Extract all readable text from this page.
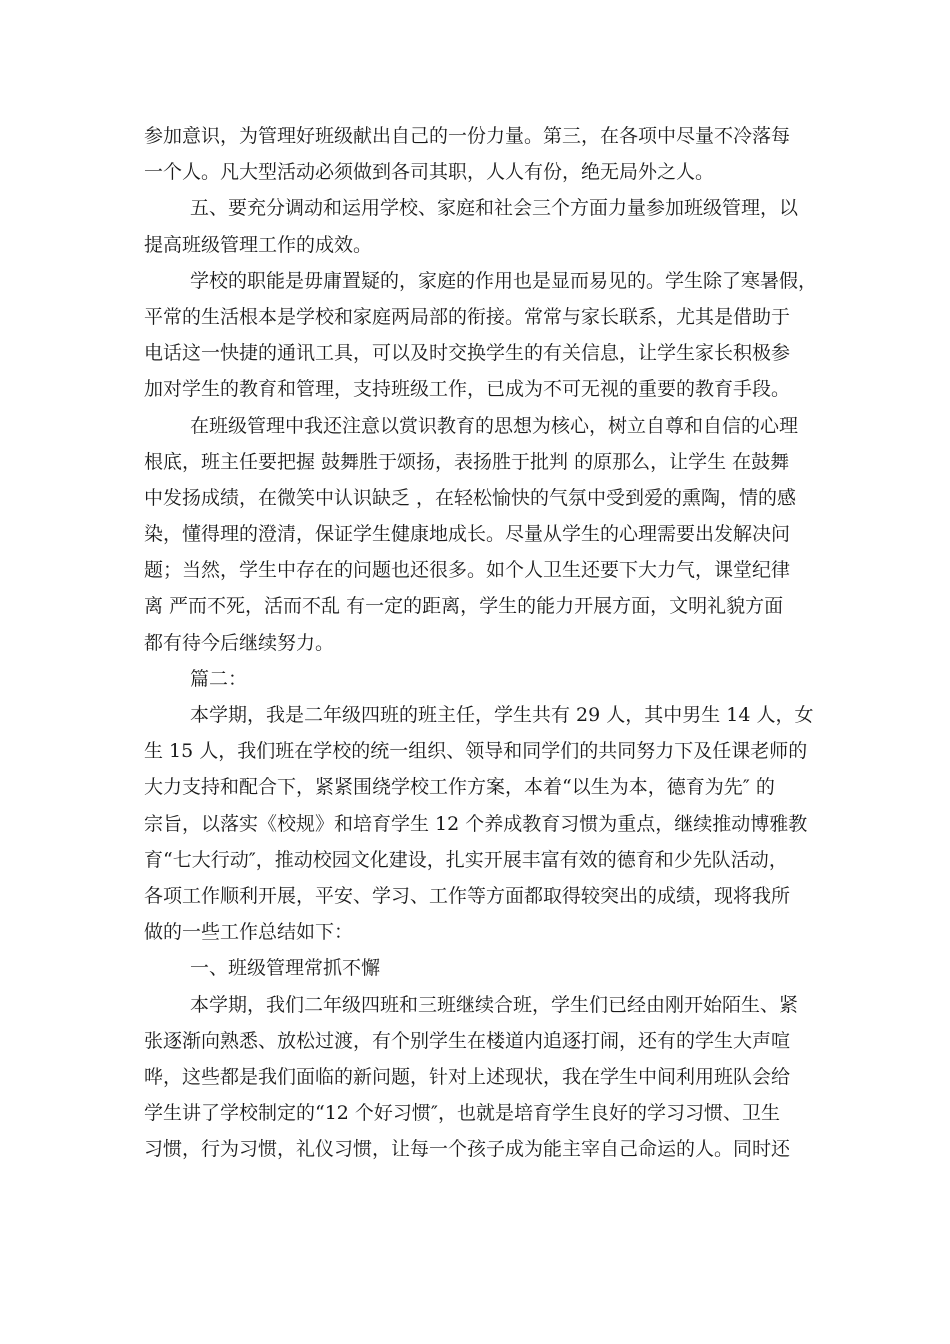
参加意识，为管理好班级献出自己的一份力量。第三，在各项中尽量不冷落每
一个人。凡大型活动必须做到各司其职，人人有份，绝无局外之人。
五、要充分调动和运用学校、家庭和社会三个方面力量参加班级管理，以
提高班级管理工作的成效。
学校的职能是毋庸置疑的，家庭的作用也是显而易见的。学生除了寒暑假，
平常的生活根本是学校和家庭两局部的衔接。常常与家长联系，尤其是借助于
电话这一快捷的通讯工具，可以及时交换学生的有关信息，让学生家长积极参
加对学生的教育和管理，支持班级工作，已成为不可无视的重要的教育手段。
在班级管理中我还注意以赏识教育的思想为核心，树立自尊和自信的心理
根底，班主任要把握 鼓舞胜于颂扬，表扬胜于批判 的原那么，让学生 在鼓舞
中发扬成绩，在微笑中认识缺乏 ，在轻松愉快的气氛中受到爱的熏陶，情的感
染，懂得理的澄清，保证学生健康地成长。尽量从学生的心理需要出发解决问
题；当然，学生中存在的问题也还很多。如个人卫生还要下大力气，课堂纪律
离 严而不死，活而不乱 有一定的距离，学生的能力开展方面，文明礼貌方面
都有待今后继续努力。
篇二：
本学期，我是二年级四班的班主任，学生共有 29 人，其中男生 14 人，女
生 15 人，我们班在学校的统一组织、领导和同学们的共同努力下及任课老师的
大力支持和配合下，紧紧围绕学校工作方案，本着“以生为本，德育为先″ 的
宗旨，以落实《校规》和培育学生 12 个养成教育习惯为重点，继续推动博雅教
育“七大行动″，推动校园文化建设，扎实开展丰富有效的德育和少先队活动，
各项工作顺利开展，平安、学习、工作等方面都取得较突出的成绩，现将我所
做的一些工作总结如下：
一、班级管理常抓不懈
本学期，我们二年级四班和三班继续合班，学生们已经由刚开始陌生、紧
张逐渐向熟悉、放松过渡，有个别学生在楼道内追逐打闹，还有的学生大声喧
哗，这些都是我们面临的新问题，针对上述现状，我在学生中间利用班队会给
学生讲了学校制定的“12 个好习惯″，也就是培育学生良好的学习习惯、卫生
习惯，行为习惯，礼仪习惯，让每一个孩子成为能主宰自己命运的人。同时还
